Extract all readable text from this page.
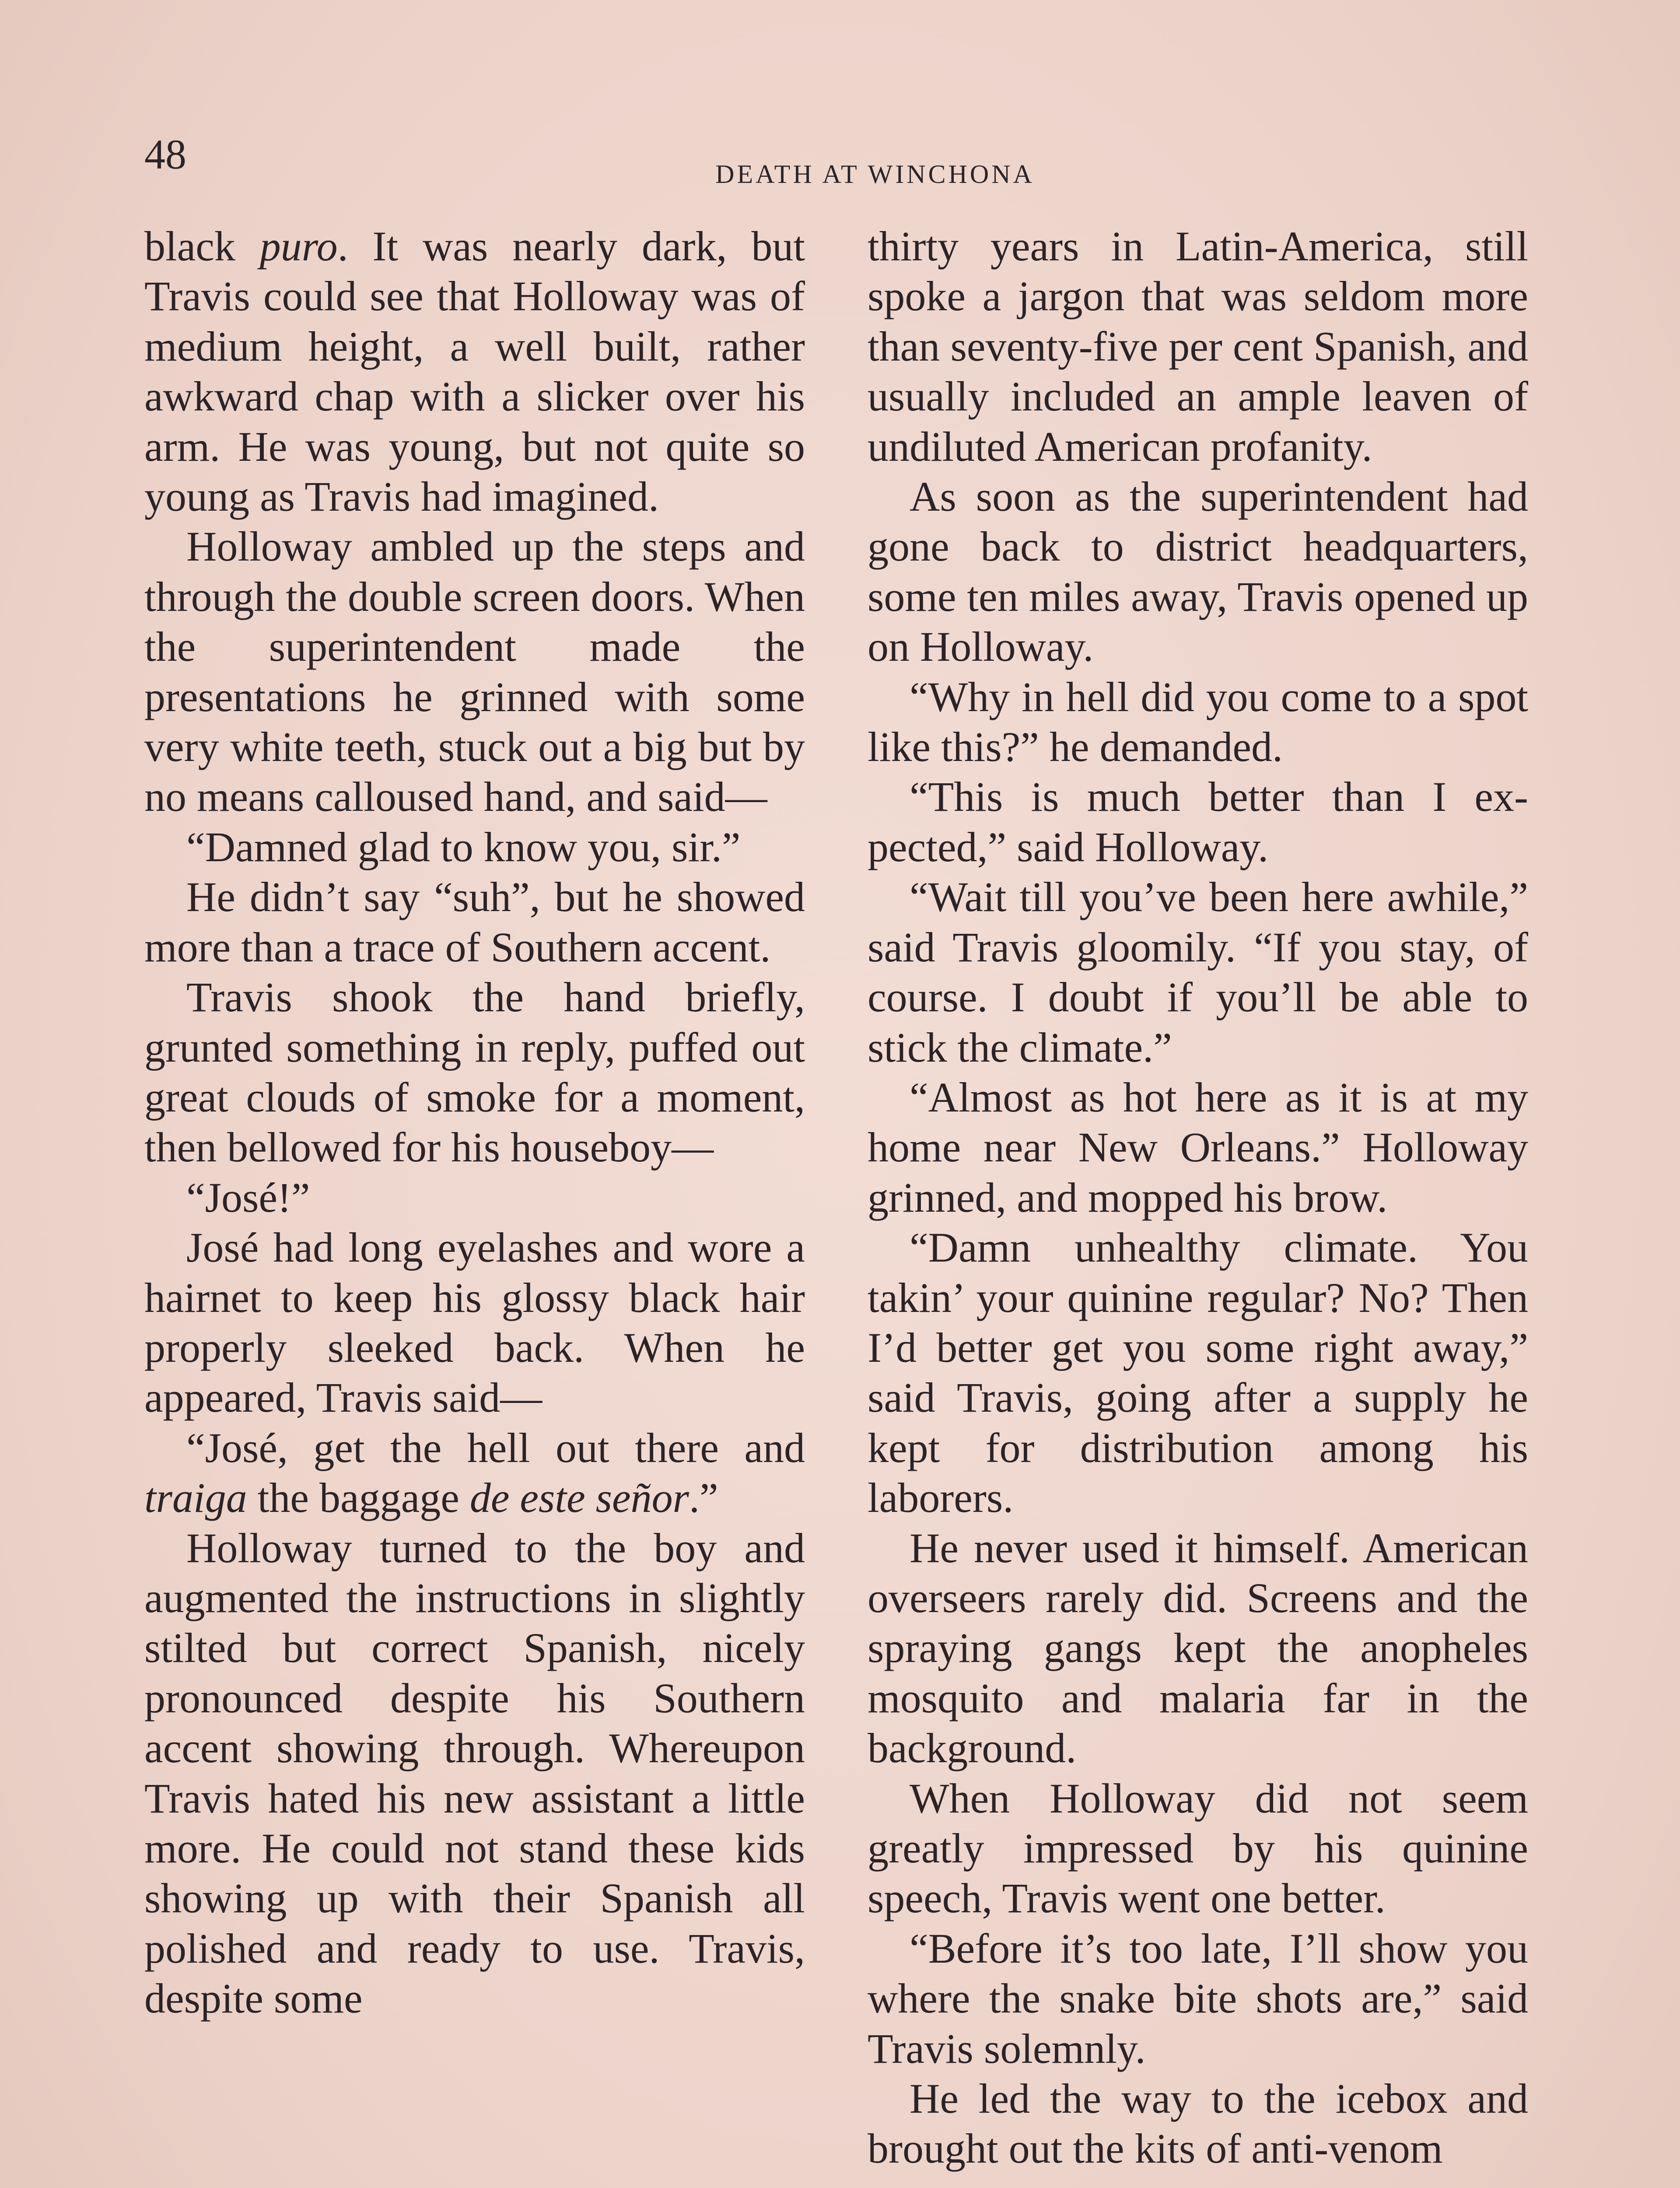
48	DEATH AT WINCHONA

black puro. It was nearly dark, but Travis could see that Holloway was of medium height, a well built, rather awkward chap with a slicker over his arm. He was young, but not quite so young as Travis had imagined.

Holloway ambled up the steps and through the double screen doors. When the superintendent made the presentations he grinned with some very white teeth, stuck out a big but by no means calloused hand, and said—

“Damned glad to know you, sir.”

He didn’t say “suh”, but he showed more than a trace of Southern accent.

Travis shook the hand briefly, grunted something in reply, puffed out great clouds of smoke for a moment, then bellowed for his houseboy—

“José!”

José had long eyelashes and wore a hairnet to keep his glossy black hair properly sleeked back. When he appeared, Travis said—

“José, get the hell out there and traiga the baggage de este señor.”

Holloway turned to the boy and augmented the instructions in slightly stilted but correct Spanish, nicely pronounced despite his Southern accent showing through. Whereupon Travis hated his new assistant a little more. He could not stand these kids showing up with their Spanish all polished and ready to use. Travis, despite some

thirty years in Latin-America, still spoke a jargon that was seldom more than seventy-five per cent Spanish, and usually included an ample leaven of undiluted American profanity.

As soon as the superintendent had gone back to district headquarters, some ten miles away, Travis opened up on Holloway.

“Why in hell did you come to a spot like this?” he demanded.

“This is much better than I expected,” said Holloway.

“Wait till you’ve been here awhile,” said Travis gloomily. “If you stay, of course. I doubt if you’ll be able to stick the climate.”

“Almost as hot here as it is at my home near New Orleans.” Holloway grinned, and mopped his brow.

“Damn unhealthy climate. You takin’ your quinine regular? No? Then I’d better get you some right away,” said Travis, going after a supply he kept for distribution among his laborers.

He never used it himself. American overseers rarely did. Screens and the spraying gangs kept the anopheles mosquito and malaria far in the background.

When Holloway did not seem greatly impressed by his quinine speech, Travis went one better.

“Before it’s too late, I’ll show you where the snake bite shots are,” said Travis solemnly.

He led the way to the icebox and brought out the kits of anti-venom
